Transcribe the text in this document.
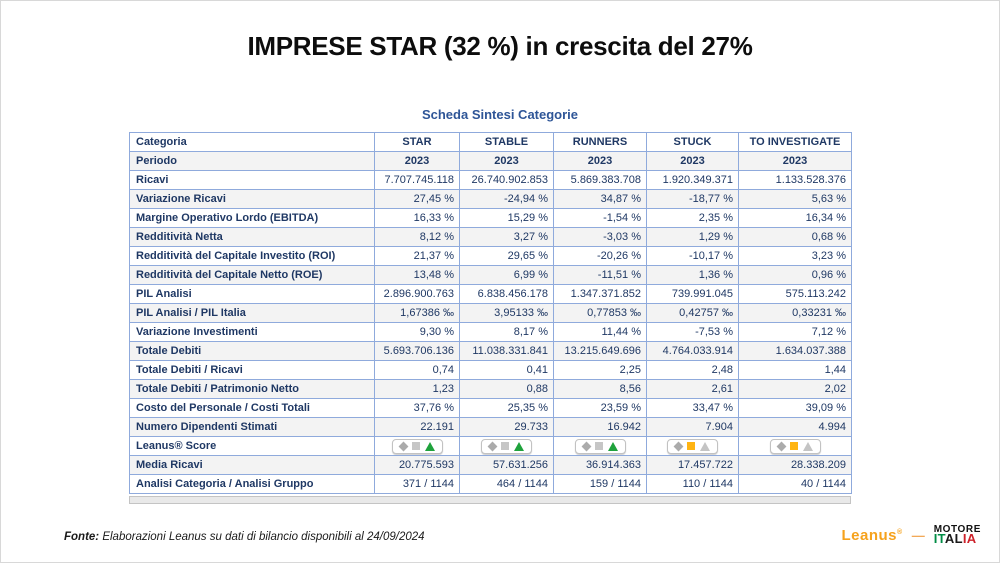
IMPRESE STAR (32 %) in crescita del 27%
Scheda Sintesi Categorie
Categoria	STAR	STABLE	RUNNERS	STUCK	TO INVESTIGATE
Periodo	2023	2023	2023	2023	2023
Ricavi	7.707.745.118	26.740.902.853	5.869.383.708	1.920.349.371	1.133.528.376
Variazione Ricavi	27,45 %	-24,94 %	34,87 %	-18,77 %	5,63 %
Margine Operativo Lordo (EBITDA)	16,33 %	15,29 %	-1,54 %	2,35 %	16,34 %
Redditività Netta	8,12 %	3,27 %	-3,03 %	1,29 %	0,68 %
Redditività del Capitale Investito (ROI)	21,37 %	29,65 %	-20,26 %	-10,17 %	3,23 %
Redditività del Capitale Netto (ROE)	13,48 %	6,99 %	-11,51 %	1,36 %	0,96 %
PIL Analisi	2.896.900.763	6.838.456.178	1.347.371.852	739.991.045	575.113.242
PIL Analisi / PIL Italia	1,67386 ‰	3,95133 ‰	0,77853 ‰	0,42757 ‰	0,33231 ‰
Variazione Investimenti	9,30 %	8,17 %	11,44 %	-7,53 %	7,12 %
Totale Debiti	5.693.706.136	11.038.331.841	13.215.649.696	4.764.033.914	1.634.037.388
Totale Debiti / Ricavi	0,74	0,41	2,25	2,48	1,44
Totale Debiti / Patrimonio Netto	1,23	0,88	8,56	2,61	2,02
Costo del Personale / Costi Totali	37,76 %	25,35 %	23,59 %	33,47 %	39,09 %
Numero Dipendenti Stimati	22.191	29.733	16.942	7.904	4.994
Leanus® Score	

Media Ricavi	20.775.593	57.631.256	36.914.363	17.457.722	28.338.209
Analisi Categoria / Analisi Gruppo	371 / 1144	464 / 1144	159 / 1144	110 / 1144	40 / 1144
Fonte: Elaborazioni Leanus su dati di bilancio disponibili al 24/09/2024	Leanus® — MOTORE
ITALIA
